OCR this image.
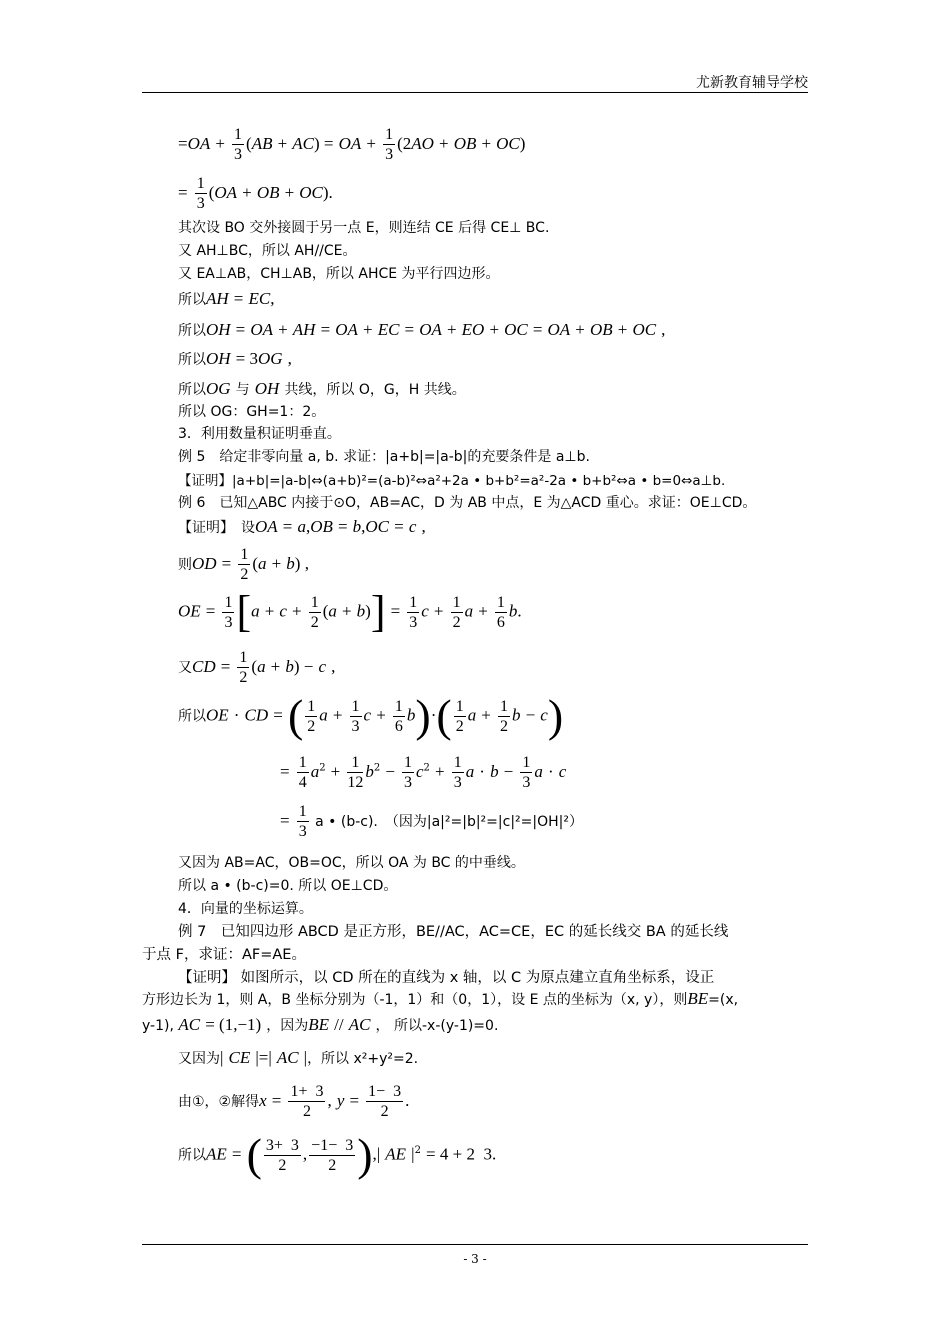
尤新教育辅导学校
$=OA + \frac{1}{3} (AB + AC)$ = OA + $\frac{1}{3} (2AO$ + OB + OC)
= $\frac{1}{3} (OA$ + OB + OC).
其次设 BO 交外接圆于另一点 E，则连结 CE 后得 CE⊥ BC.
又 AH⊥BC，所以 AH//CE。
又 EA⊥AB，CH⊥AB，所以 AHCE 为平行四边形。
所以AH = EC,
所以OH = OA + AH = OA + EC = OA + EO + OC = OA + OB + OC ,
所以OH = 3OG ,
所以OG 与 OH 共线，所以 O，G，H 共线。
所以 OG：GH=1：2。
3．利用数量积证明垂直。
例 5　给定非零向量 a, b. 求证：|a+b|=|a-b|的充要条件是 a⊥b.
【证明】|a+b|=|a-b|⇔(a+b)²=(a-b)²⇔a²+2a • b+b²=a²-2a • b+b²⇔a • b=0⇔a⊥b.
例 6　已知△ABC 内接于⊙O，AB=AC，D 为 AB 中点，E 为△ACD 重心。求证：OE⊥CD。
【证明】　设OA = a,OB = b,OC = c ,
则OD = $\frac{1}{2} (a + b)$ ,
OE = $\frac{1}{3} [a + c + \frac{1}{2} (a + b)] = \frac{1}{3}$ $c + \frac{1}{2}$ $a + \frac{1}{6} b$.
又CD = $\frac{1}{2} (a + b) - c$ ,
所以OE · CD = ( $\frac{1}{2}$ $a + \frac{1}{3}$ $c + \frac{1}{6} b)\cdot( \frac{1}{2}$ $a + \frac{1}{2}$ b − c)
= $\frac{1}{4} a^2 + \frac{1}{12} b^2 - \frac{1}{3} c^2 + \frac{1}{3}$ $a \cdot b - \frac{1}{3}$ a · c
= $\frac{1}{3}$ a • (b-c).　（因为|a|²=|b|²=|c|²=|OH|²）
又因为 AB=AC，OB=OC，所以 OA 为 BC 的中垂线。
所以 a • (b-c)=0. 所以 OE⊥CD。
4．向量的坐标运算。
例 7　已知四边形 ABCD 是正方形，BE//AC，AC=CE，EC 的延长线交 BA 的延长线
于点 F，求证：AF=AE。
【证明】 如图所示，以 CD 所在的直线为 x 轴，以 C 为原点建立直角坐标系，设正
方形边长为 1，则 A，B 坐标分别为（-1，1）和（0，1），设 E 点的坐标为（x, y），则BE=(x,
y-1), AC = (1,−1) ，因为BE // AC ， 所以-x-(y-1)=0.
又因为| CE |=| AC |，所以 x²+y²=2.
由①，②解得$x = \frac{1+ 3}{2}$ , $y = \frac{1- 3}{2}$ .
所以AE = ( $\frac{3+ 3}{2}$ , $\frac{-1- 3}{2}$ ),| AE $|^2 = 4 + 2$  3.
- 3 -
